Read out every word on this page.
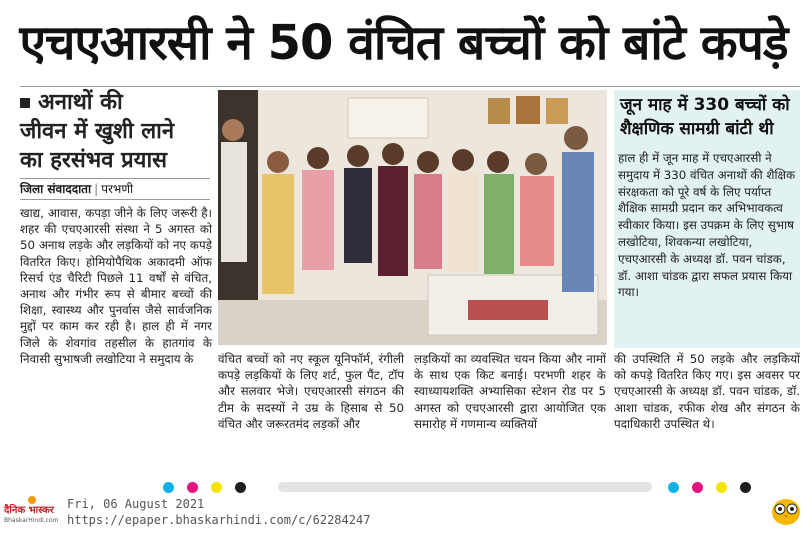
एचएआरसी ने 50 वंचित बच्चों को बांटे कपड़े
अनाथों की
जीवन में खुशी लाने
का हरसंभव प्रयास
जिला संवाददाता | परभणी
खाद्य, आवास, कपड़ा जीने के लिए जरूरी है। शहर की एचएआरसी संस्था ने 5 अगस्त को 50 अनाथ लड़के और लड़कियों को नए कपड़े वितरित किए। होमियोपैथिक अकादमी ऑफ रिसर्च एंड चैरिटी पिछले 11 वर्षों से वंचित, अनाथ और गंभीर रूप से बीमार बच्चों की शिक्षा, स्वास्थ्य और पुनर्वास जैसे सार्वजनिक मुद्दों पर काम कर रही है। हाल ही में नगर जिले के शेवगांव तहसील के हातगांव के निवासी सुभाषजी लखोटिया ने समुदाय के	वंचित बच्चों को नए स्कूल यूनिफॉर्म, रंगीली कपड़े लड़कियों के लिए शर्ट, फुल पैंट, टॉप और सलवार भेजे। एचएआरसी संगठन की टीम के सदस्यों ने उम्र के हिसाब से 50 वंचित और जरूरतमंद लड़कों और
लड़कियों का व्यवस्थित चयन किया और नामों के साथ एक किट बनाई। परभणी शहर के स्वाध्यायशक्ति अभ्यासिका स्टेशन रोड पर 5 अगस्त को एचएआरसी द्वारा आयोजित एक समारोह में गणमान्य व्यक्तियों
जून माह में 330 बच्चों को शैक्षणिक सामग्री बांटी थी
हाल ही में जून माह में एचएआरसी ने समुदाय में 330 वंचित अनाथों की शैक्षिक संरक्षकता को पूरे वर्ष के लिए पर्याप्त शैक्षिक सामग्री प्रदान कर अभिभावकत्व स्वीकार किया। इस उपक्रम के लिए सुभाष लखोटिया, शिवकन्या लखोटिया, एचएआरसी के अध्यक्ष डॉ. पवन चांडक, डॉ. आशा चांडक द्वारा सफल प्रयास किया गया।
की उपस्थिति में 50 लड़के और लड़कियों को कपड़े वितरित किए गए। इस अवसर पर एचएआरसी के अध्यक्ष डॉ. पवन चांडक, डॉ. आशा चांडक, रफीक शेख और संगठन के पदाधिकारी उपस्थित थे।
दैनिक भास्कर
BhaskarHindi.com
Fri, 06 August 2021
https://epaper.bhaskarhindi.com/c/62284247
